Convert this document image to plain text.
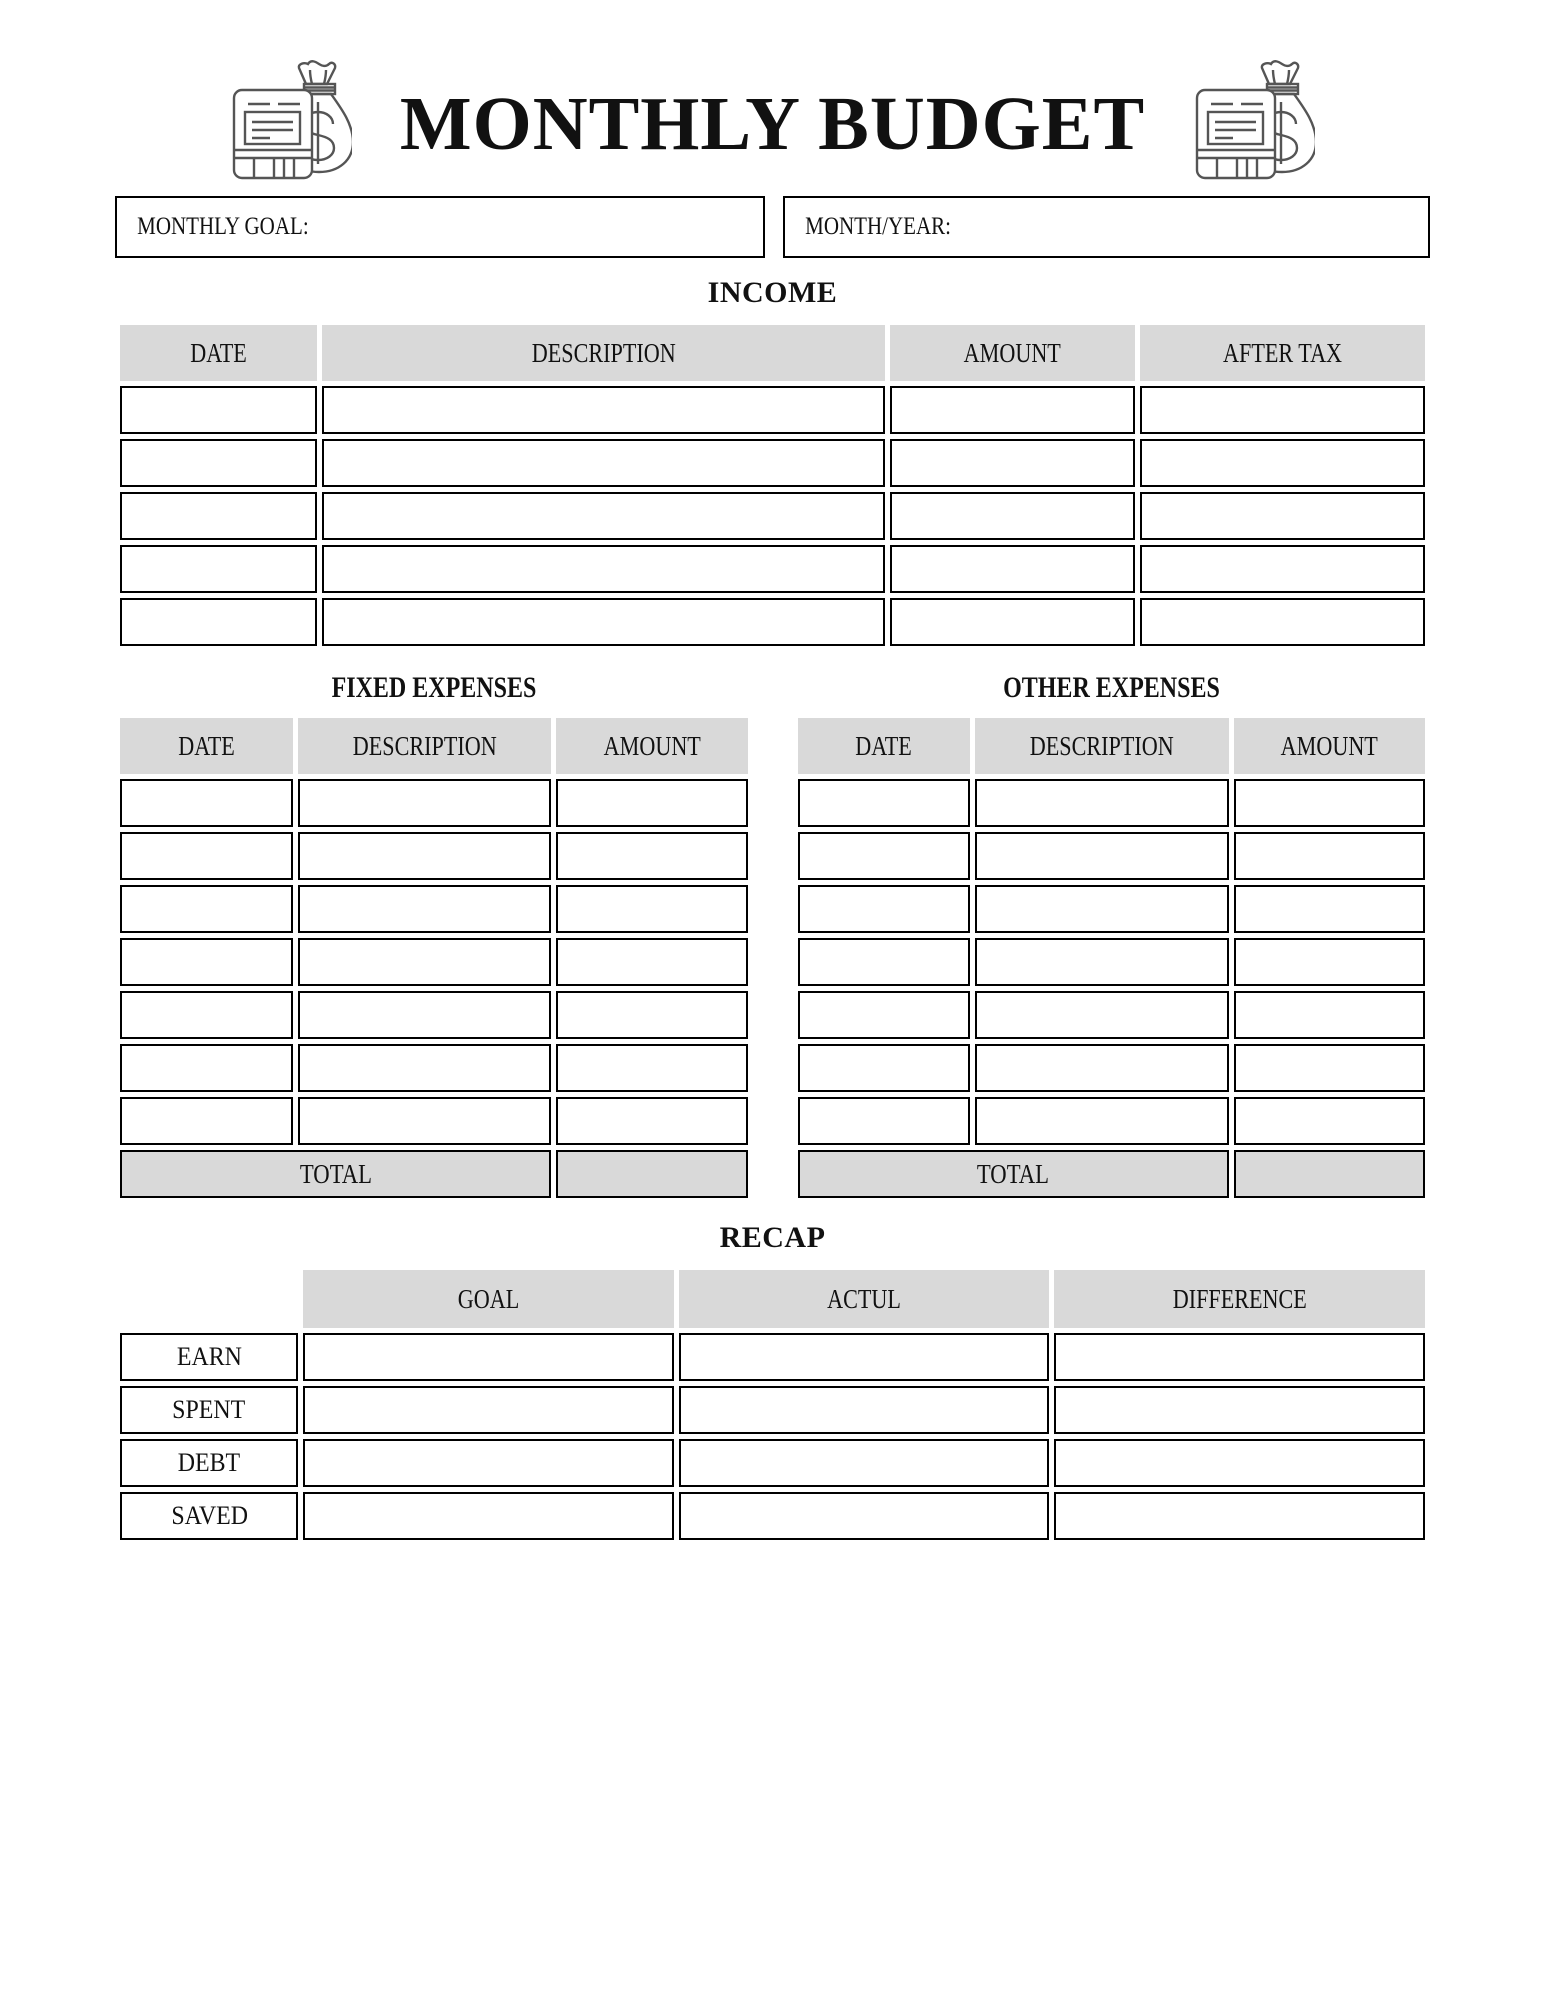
MONTHLY BUDGET
MONTHLY GOAL:	MONTH/YEAR:
INCOME
DATE	DESCRIPTION	AMOUNT	AFTER TAX

FIXED EXPENSES	OTHER EXPENSES
DATE	DESCRIPTION	AMOUNT

TOTAL		
DATE	DESCRIPTION	AMOUNT

TOTAL		
RECAP
	GOAL	ACTUL	DIFFERENCE
EARN			
SPENT			
DEBT			
SAVED			
